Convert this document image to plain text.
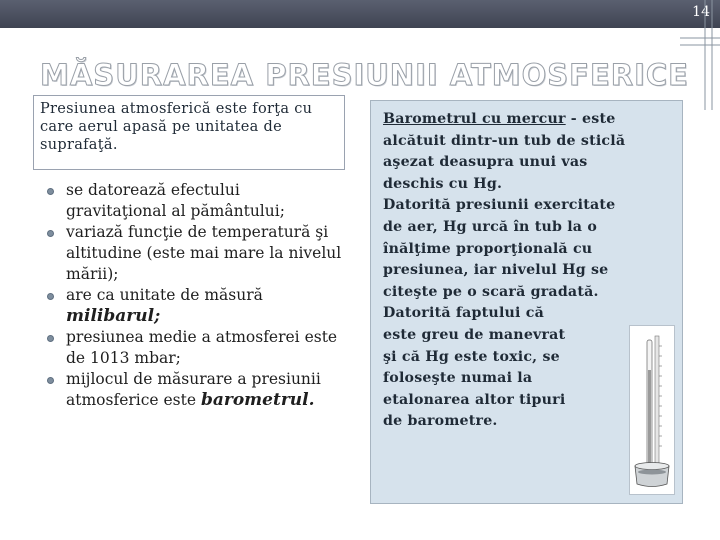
14
MĂSURAREA PRESIUNII ATMOSFERICE

Presiunea atmosferică este forţa cu care aerul apasă pe unitatea de suprafaţă.

se datorează efectului gravitaţional al pământului;
variază funcţie de temperatură şi altitudine (este mai mare la nivelul mării);
are ca unitate de măsură milibarul;
presiunea medie a atmosferei este de 1013 mbar;
mijlocul de măsurare a presiunii atmosferice este barometrul.
Barometrul cu mercur - este
alcătuit dintr-un tub de sticlă
aşezat deasupra unui vas
deschis cu Hg.
Datorită presiunii exercitate
de aer, Hg urcă în tub la o
înălţime proporţională cu
presiunea, iar nivelul Hg se
citeşte pe o scară gradată.
Datorită faptului că
este greu de manevrat
şi că Hg este toxic, se
foloseşte numai la
etalonarea altor tipuri
de barometre.
